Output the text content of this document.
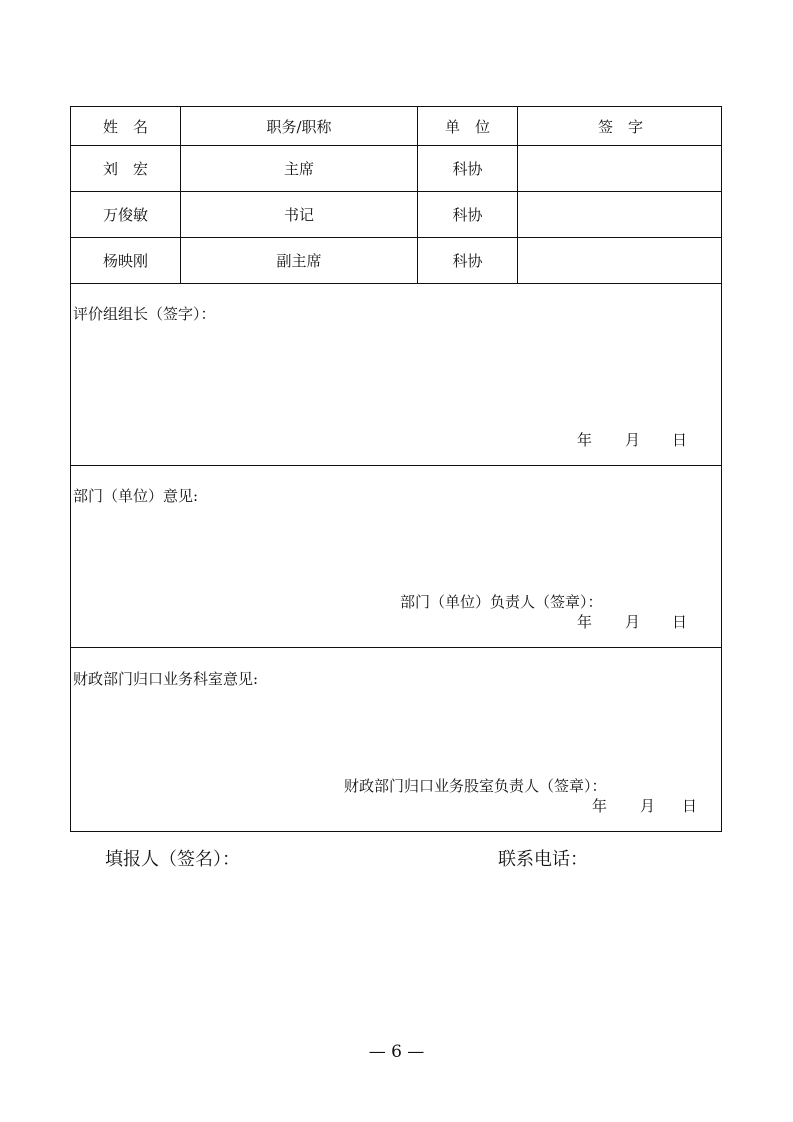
姓　名	职务/职称	单　位	签　字
刘　宏	主席	科协
万俊敏	书记	科协
杨映刚	副主席	科协
评价组组长（签字）：
年 月 日
部门（单位）意见:
部门（单位）负责人（签章）：
年 月 日
财政部门归口业务科室意见:
财政部门归口业务股室负责人（签章）：
年 月 日
填报人（签名）：	联系电话：
— 6 —
